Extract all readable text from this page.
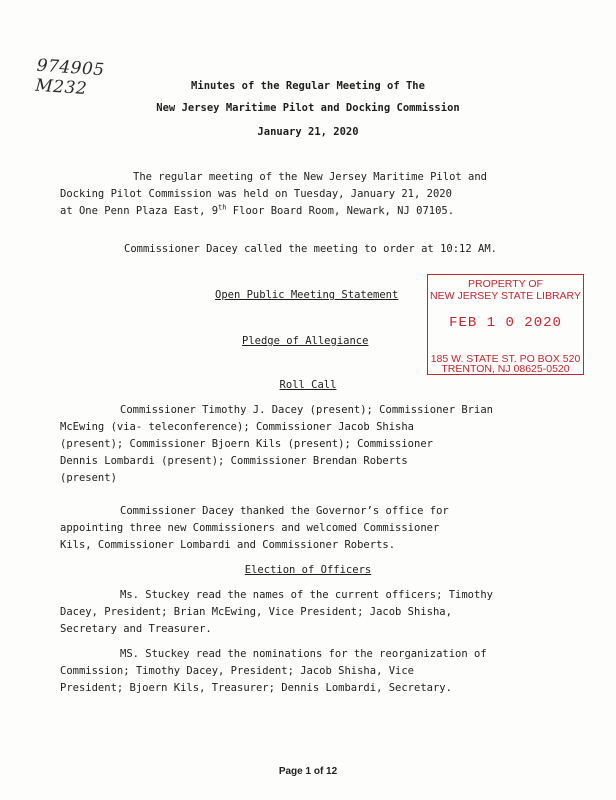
974905
M232	Minutes of the Regular Meeting of The
New Jersey Maritime Pilot and Docking Commission
January 21, 2020
The regular meeting of the New Jersey Maritime Pilot and
Docking Pilot Commission was held on Tuesday, January 21, 2020
at One Penn Plaza East, 9th Floor Board Room, Newark, NJ 07105.
Commissioner Dacey called the meeting to order at 10:12 AM.
Open Public Meeting Statement
Pledge of Allegiance
PROPERTY OF
NEW JERSEY STATE LIBRARY
FEB 1 0 2020
185 W. STATE ST. PO BOX 520
TRENTON, NJ 08625-0520
Roll Call
Commissioner Timothy J. Dacey (present); Commissioner Brian
McEwing (via- teleconference); Commissioner Jacob Shisha
(present); Commissioner Bjoern Kils (present); Commissioner
Dennis Lombardi (present); Commissioner Brendan Roberts
(present)
Commissioner Dacey thanked the Governor’s office for
appointing three new Commissioners and welcomed Commissioner
Kils, Commissioner Lombardi and Commissioner Roberts.
Election of Officers
Ms. Stuckey read the names of the current officers; Timothy
Dacey, President; Brian McEwing, Vice President; Jacob Shisha,
Secretary and Treasurer.
MS. Stuckey read the nominations for the reorganization of
Commission; Timothy Dacey, President; Jacob Shisha, Vice
President; Bjoern Kils, Treasurer; Dennis Lombardi, Secretary.
Page 1 of 12
